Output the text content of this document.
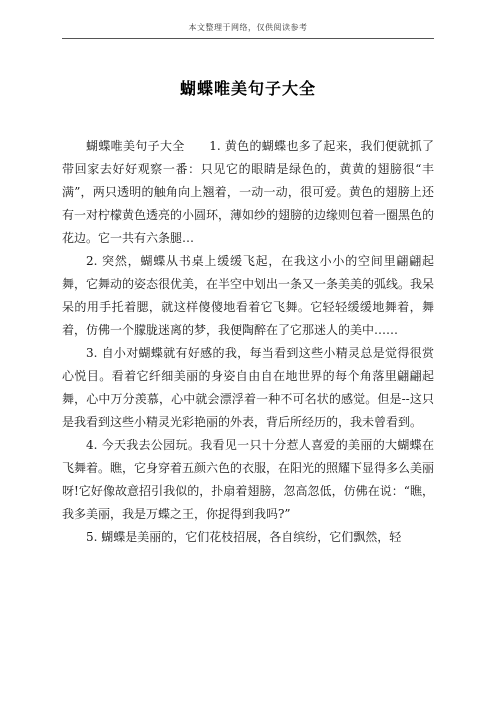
本文整理于网络，仅供阅读参考
蝴蝶唯美句子大全

蝴蝶唯美句子大全　　1. 黄色的蝴蝶也多了起来，我们便就抓了带回家去好好观察一番：只见它的眼睛是绿色的，黄黄的翅膀很“丰满”，两只透明的触角向上翘着，一动一动，很可爱。黄色的翅膀上还有一对柠檬黄色透亮的小圆环，薄如纱的翅膀的边缘则包着一圈黑色的花边。它一共有六条腿…

2. 突然，蝴蝶从书桌上缓缓飞起，在我这小小的空间里翩翩起舞，它舞动的姿态很优美，在半空中划出一条又一条美美的弧线。我呆呆的用手托着腮，就这样傻傻地看着它飞舞。它轻轻缓缓地舞着，舞着，仿佛一个朦胧迷离的梦，我便陶醉在了它那迷人的美中……

3. 自小对蝴蝶就有好感的我，每当看到这些小精灵总是觉得很赏心悦目。看着它纤细美丽的身姿自由自在地世界的每个角落里翩翩起舞，心中万分羡慕，心中就会漂浮着一种不可名状的感觉。但是--这只是我看到这些小精灵光彩艳丽的外表，背后所经历的，我未曾看到。

4. 今天我去公园玩。我看见一只十分惹人喜爱的美丽的大蝴蝶在飞舞着。瞧，它身穿着五颜六色的衣服，在阳光的照耀下显得多么美丽呀!它好像故意招引我似的，扑扇着翅膀，忽高忽低，仿佛在说：“瞧，我多美丽，我是万蝶之王，你捉得到我吗?”

5. 蝴蝶是美丽的，它们花枝招展，各自缤纷，它们飘然，轻
